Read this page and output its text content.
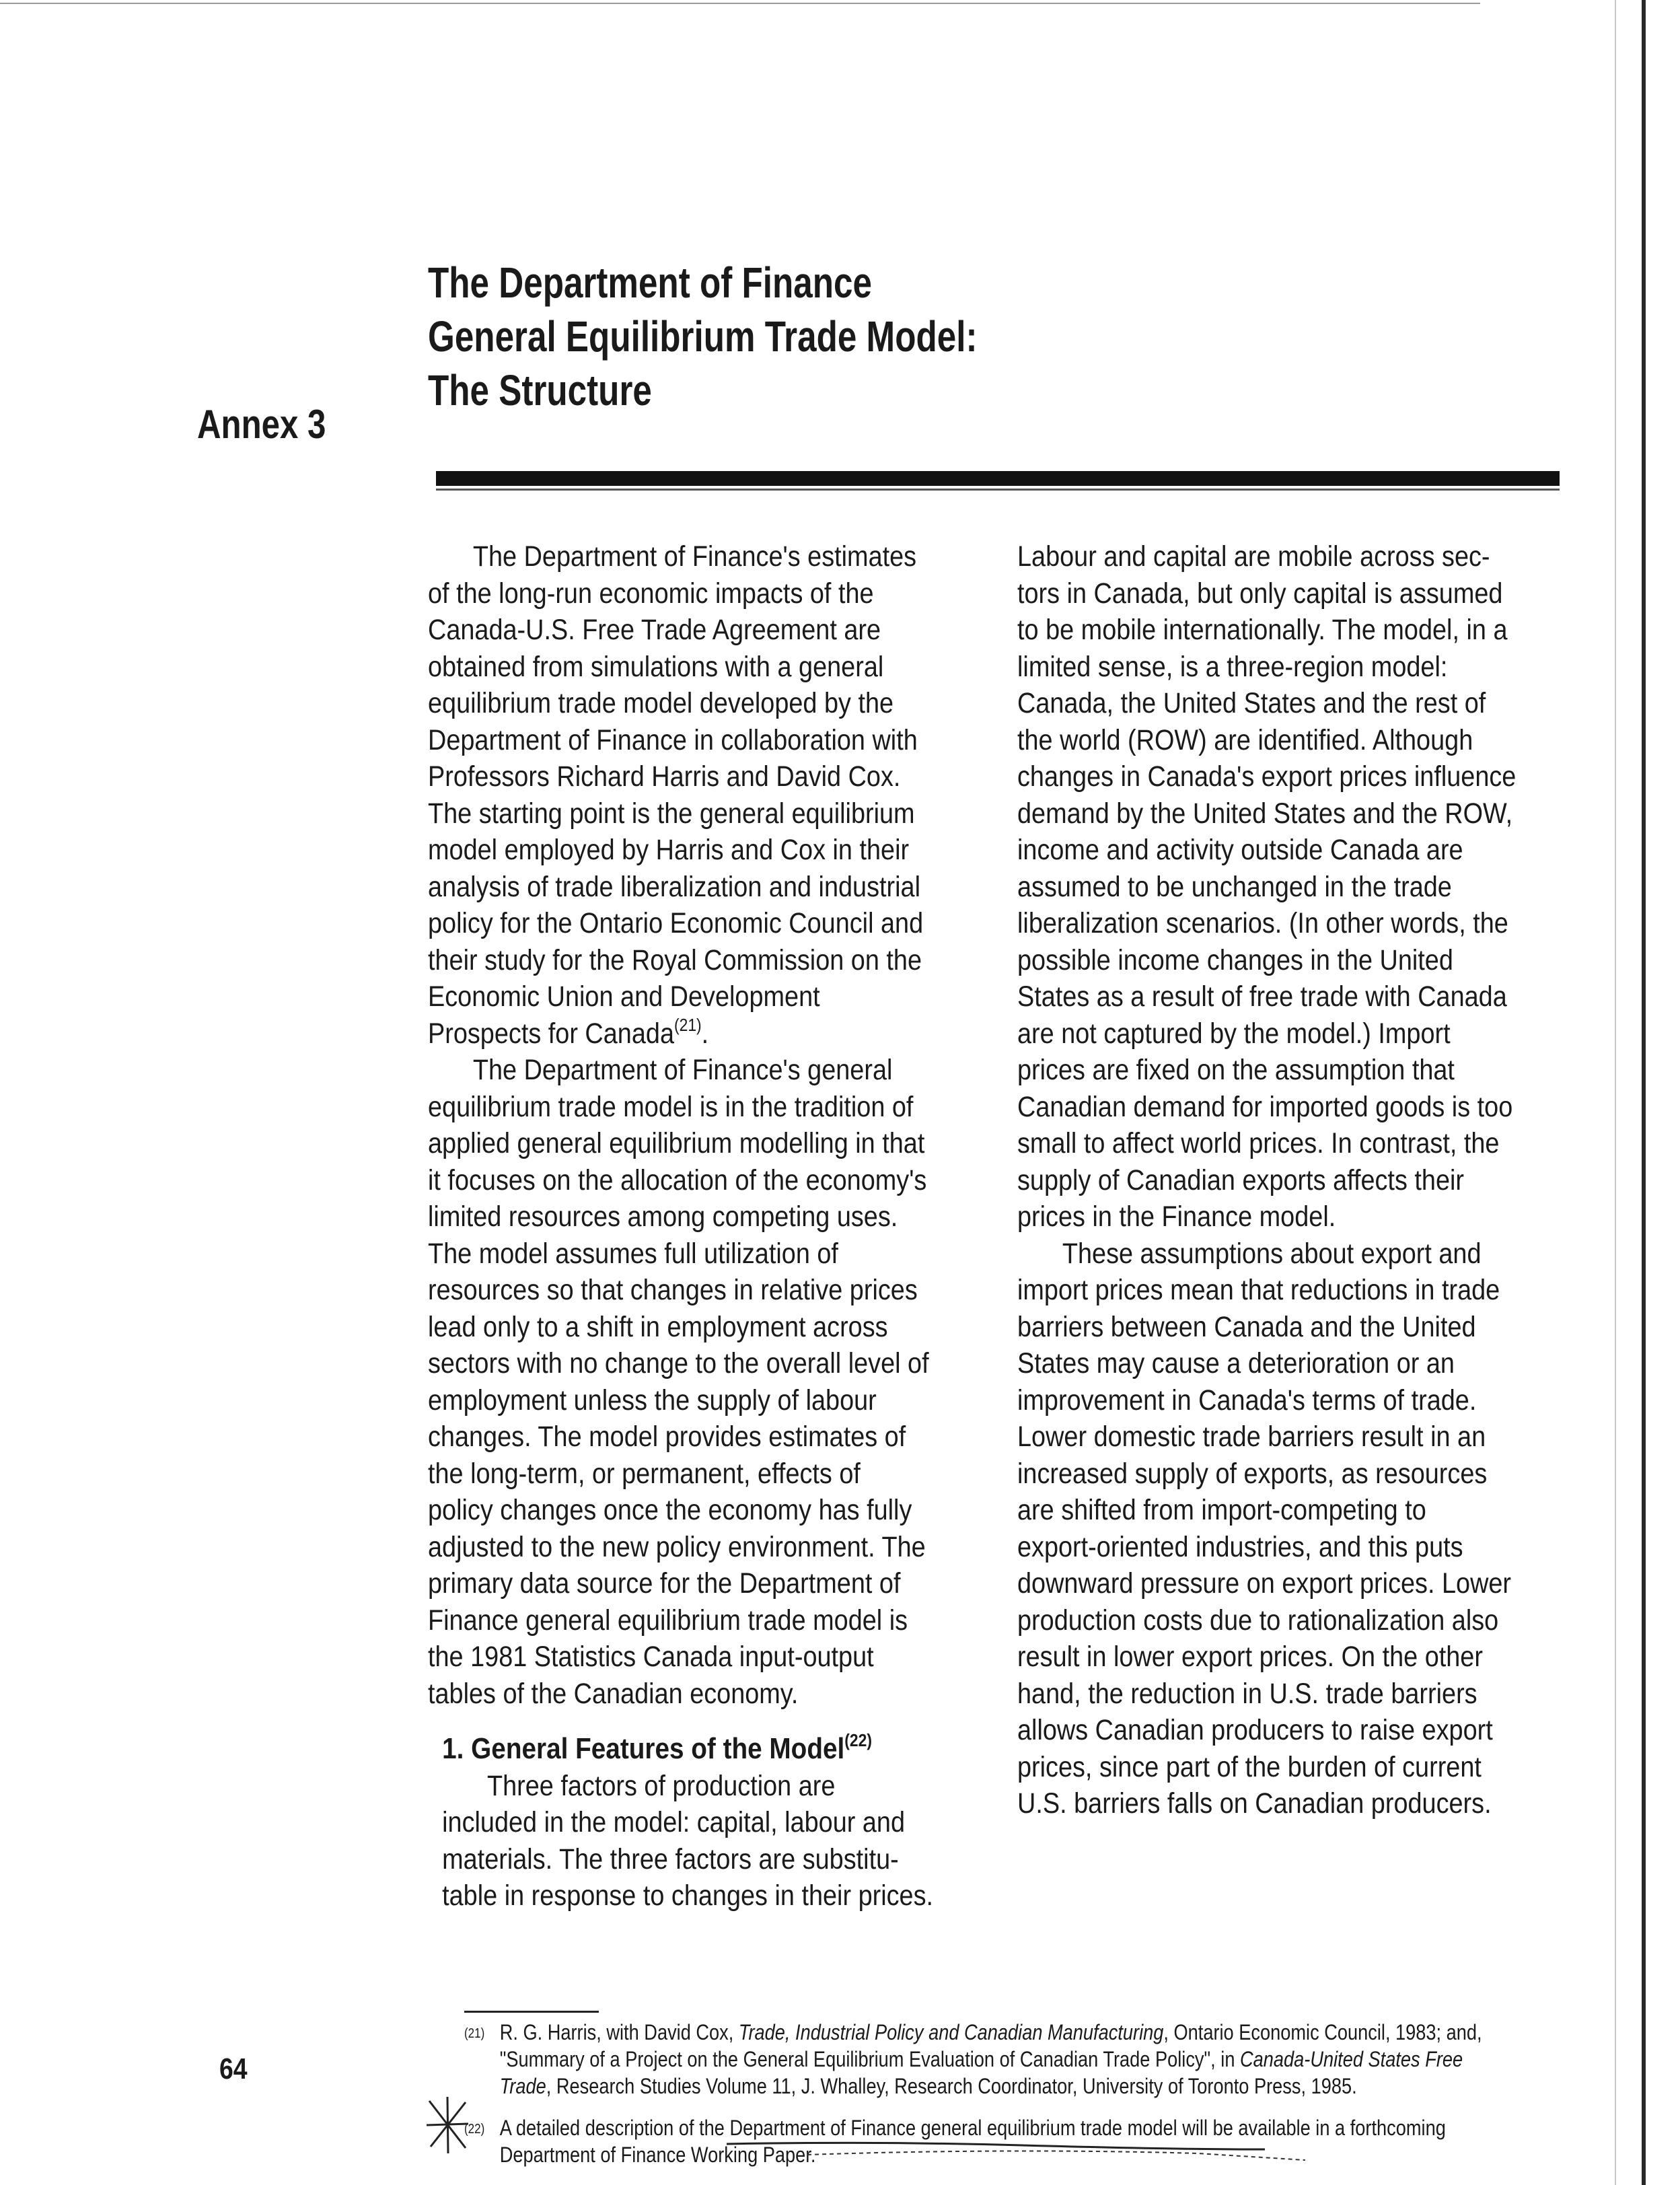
Annex 3
The Department of Finance
General Equilibrium Trade Model:
The Structure
The Department of Finance's estimates
of the long-run economic impacts of the
Canada-U.S. Free Trade Agreement are
obtained from simulations with a general
equilibrium trade model developed by the
Department of Finance in collaboration with
Professors Richard Harris and David Cox.
The starting point is the general equilibrium
model employed by Harris and Cox in their
analysis of trade liberalization and industrial
policy for the Ontario Economic Council and
their study for the Royal Commission on the
Economic Union and Development
Prospects for Canada$^{(21)}$.
The Department of Finance's general
equilibrium trade model is in the tradition of
applied general equilibrium modelling in that
it focuses on the allocation of the economy's
limited resources among competing uses.
The model assumes full utilization of
resources so that changes in relative prices
lead only to a shift in employment across
sectors with no change to the overall level of
employment unless the supply of labour
changes. The model provides estimates of
the long-term, or permanent, effects of
policy changes once the economy has fully
adjusted to the new policy environment. The
primary data source for the Department of
Finance general equilibrium trade model is
the 1981 Statistics Canada input-output
tables of the Canadian economy.
1. General Features of the Model$^{(22)}$
Three factors of production are
included in the model: capital, labour and
materials. The three factors are substitu-
table in response to changes in their prices.
Labour and capital are mobile across sec-
tors in Canada, but only capital is assumed
to be mobile internationally. The model, in a
limited sense, is a three-region model:
Canada, the United States and the rest of
the world (ROW) are identified. Although
changes in Canada's export prices influence
demand by the United States and the ROW,
income and activity outside Canada are
assumed to be unchanged in the trade
liberalization scenarios. (In other words, the
possible income changes in the United
States as a result of free trade with Canada
are not captured by the model.) Import
prices are fixed on the assumption that
Canadian demand for imported goods is too
small to affect world prices. In contrast, the
supply of Canadian exports affects their
prices in the Finance model.
These assumptions about export and
import prices mean that reductions in trade
barriers between Canada and the United
States may cause a deterioration or an
improvement in Canada's terms of trade.
Lower domestic trade barriers result in an
increased supply of exports, as resources
are shifted from import-competing to
export-oriented industries, and this puts
downward pressure on export prices. Lower
production costs due to rationalization also
result in lower export prices. On the other
hand, the reduction in U.S. trade barriers
allows Canadian producers to raise export
prices, since part of the burden of current
U.S. barriers falls on Canadian producers.
64
(21) R. G. Harris, with David Cox, Trade, Industrial Policy and Canadian Manufacturing, Ontario Economic Council, 1983; and,
"Summary of a Project on the General Equilibrium Evaluation of Canadian Trade Policy", in Canada-United States Free
Trade, Research Studies Volume 11, J. Whalley, Research Coordinator, University of Toronto Press, 1985.
(22) A detailed description of the Department of Finance general equilibrium trade model will be available in a forthcoming
Department of Finance Working Paper.
